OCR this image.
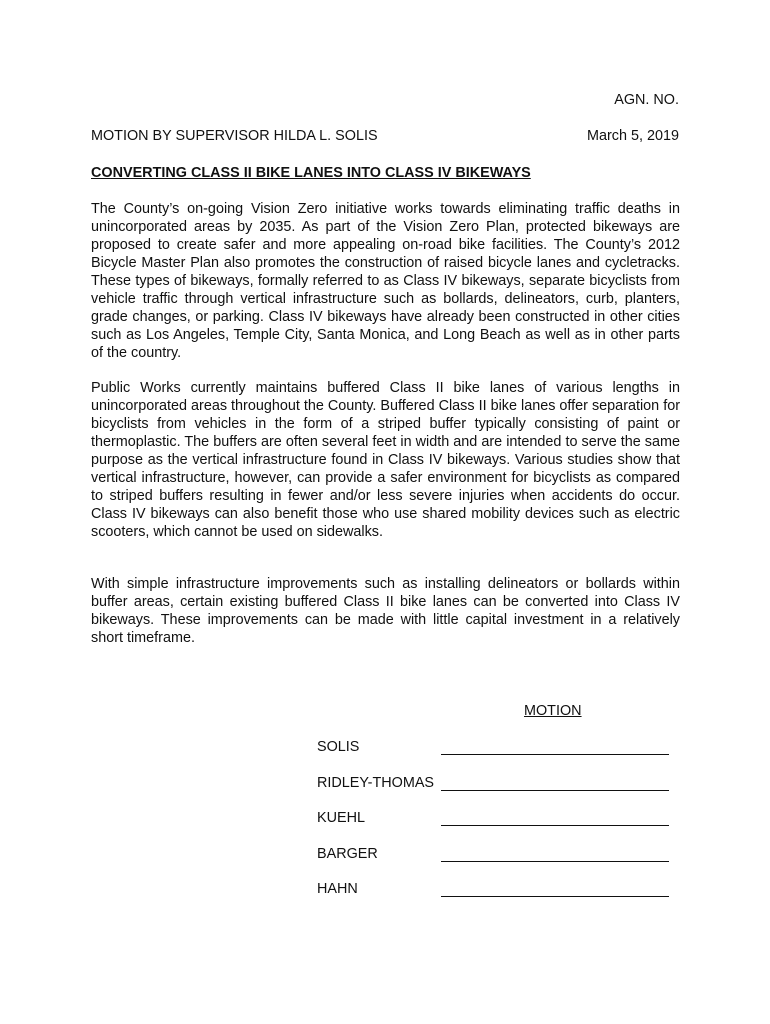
AGN. NO.
MOTION BY SUPERVISOR HILDA L. SOLIS	March 5, 2019
CONVERTING CLASS II BIKE LANES INTO CLASS IV BIKEWAYS

The County’s on-going Vision Zero initiative works towards eliminating traffic deaths in unincorporated areas by 2035. As part of the Vision Zero Plan, protected bikeways are proposed to create safer and more appealing on-road bike facilities. The County’s 2012 Bicycle Master Plan also promotes the construction of raised bicycle lanes and cycletracks. These types of bikeways, formally referred to as Class IV bikeways, separate bicyclists from vehicle traffic through vertical infrastructure such as bollards, delineators, curb, planters, grade changes, or parking. Class IV bikeways have already been constructed in other cities such as Los Angeles, Temple City, Santa Monica, and Long Beach as well as in other parts of the country.

Public Works currently maintains buffered Class II bike lanes of various lengths in unincorporated areas throughout the County. Buffered Class II bike lanes offer separation for bicyclists from vehicles in the form of a striped buffer typically consisting of paint or thermoplastic. The buffers are often several feet in width and are intended to serve the same purpose as the vertical infrastructure found in Class IV bikeways. Various studies show that vertical infrastructure, however, can provide a safer environment for bicyclists as compared to striped buffers resulting in fewer and/or less severe injuries when accidents do occur. Class IV bikeways can also benefit those who use shared mobility devices such as electric scooters, which cannot be used on sidewalks.

With simple infrastructure improvements such as installing delineators or bollards within buffer areas, certain existing buffered Class II bike lanes can be converted into Class IV bikeways. These improvements can be made with little capital investment in a relatively short timeframe.

MOTION
SOLIS
RIDLEY-THOMAS
KUEHL
BARGER
HAHN
